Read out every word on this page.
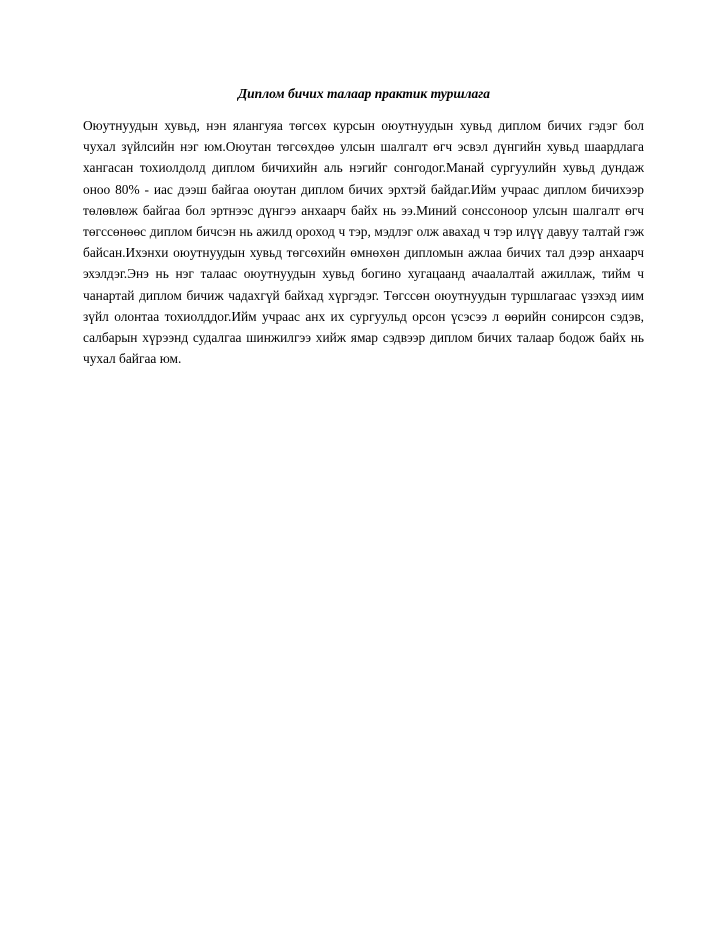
Диплом бичих талаар практик туршлага

Оюутнуудын хувьд, нэн ялангуяа төгсөх курсын оюутнуудын хувьд диплом бичих гэдэг бол чухал зүйлсийн нэг юм.Оюутан төгсөхдөө улсын шалгалт өгч эсвэл дүнгийн хувьд шаардлага хангасан тохиолдолд диплом бичихийн аль нэгийг сонгодог.Манай сургуулийн хувьд дундаж оноо 80% - иас дээш байгаа оюутан диплом бичих эрхтэй байдаг.Ийм учраас диплом бичихээр төлөвлөж байгаа бол эртнээс дүнгээ анхаарч байх нь ээ.Миний сонссоноор улсын шалгалт өгч төгссөнөөс диплом бичсэн нь ажилд ороход ч тэр, мэдлэг олж авахад ч тэр илүү давуу талтай гэж байсан.Ихэнхи оюутнуудын хувьд төгсөхийн өмнөхөн дипломын ажлаа бичих тал дээр анхаарч эхэлдэг.Энэ нь нэг талаас оюутнуудын хувьд богино хугацаанд ачаалалтай ажиллаж, тийм ч чанартай диплом бичиж чадахгүй байхад хүргэдэг. Төгссөн оюутнуудын туршлагаас үзэхэд иим зүйл олонтаа тохиолддог.Ийм учраас анх их сургуульд орсон үсэсээ л өөрийн сонирсон сэдэв, салбарын хүрээнд судалгаа шинжилгээ хийж ямар сэдвээр диплом бичих талаар бодож байх нь чухал байгаа юм.
